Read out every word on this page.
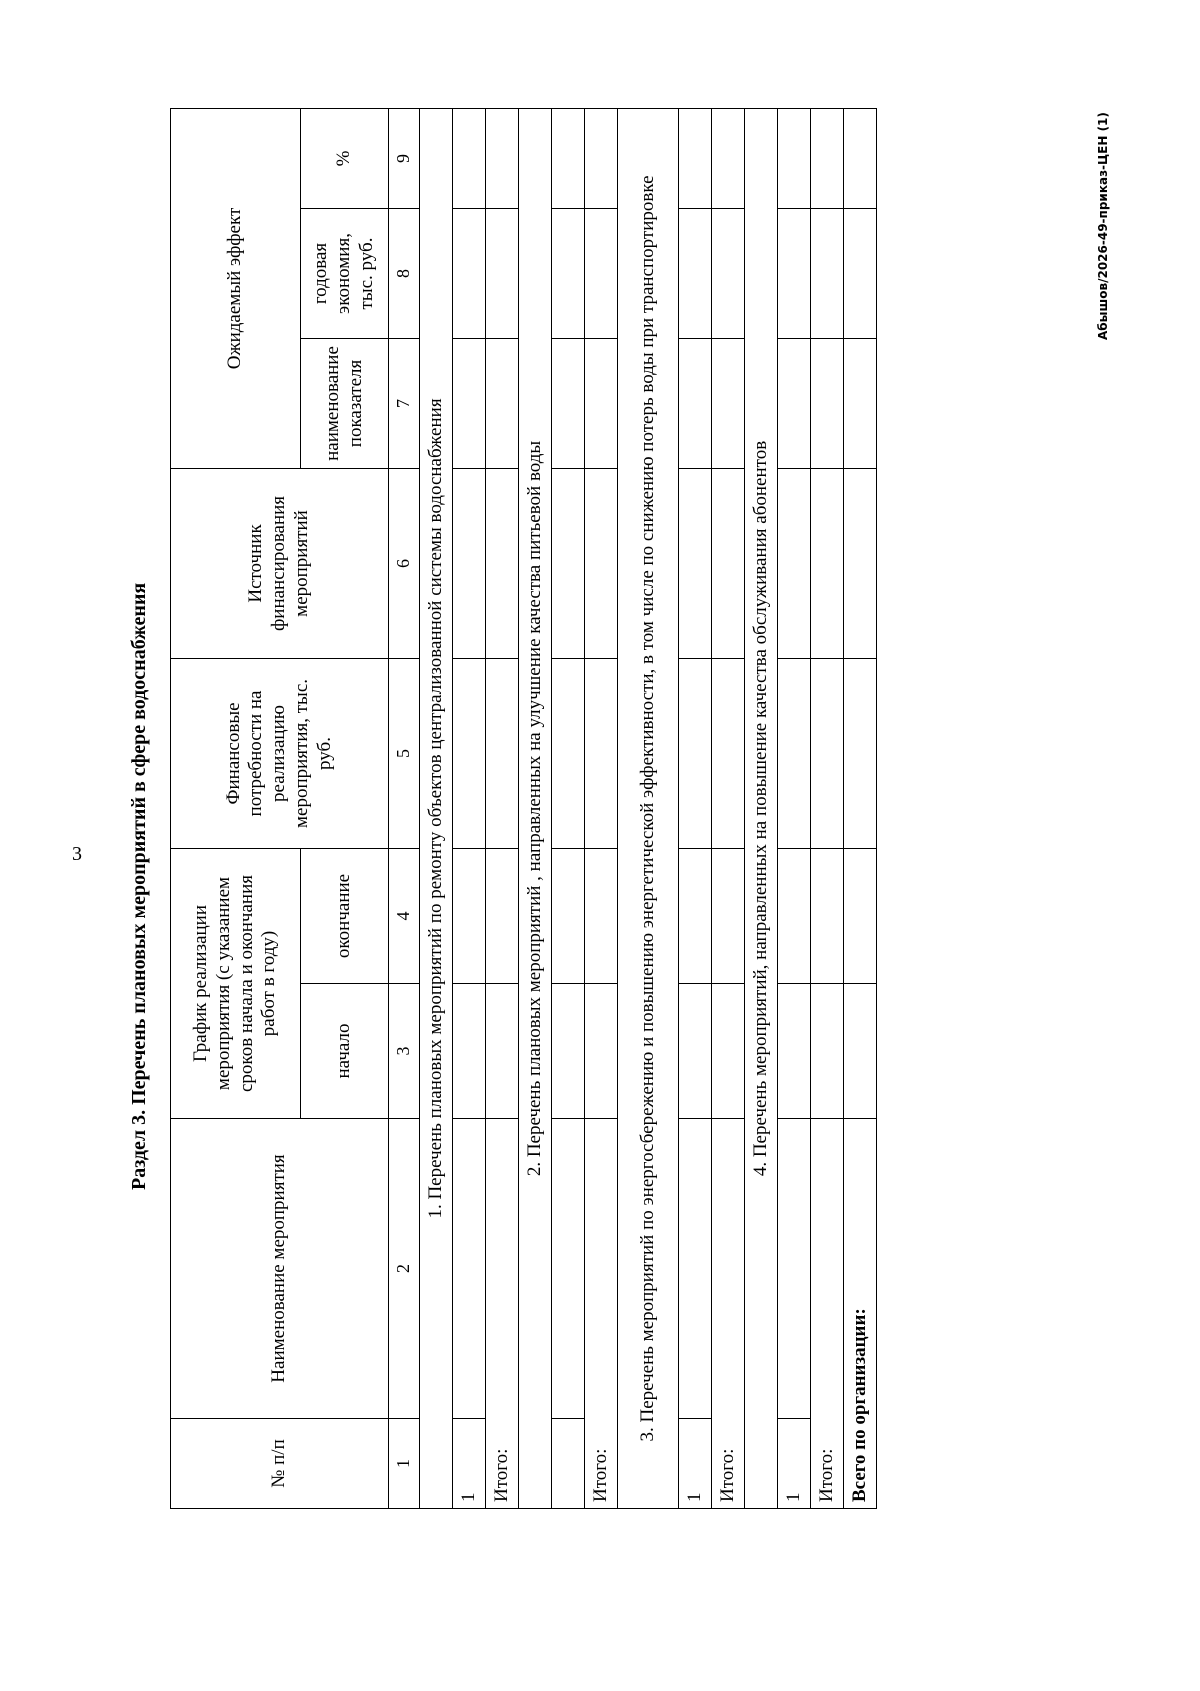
3
Абышов/2026-49-приказ-ЦЕН (1)
Раздел 3. Перечень плановых мероприятий в сфере водоснабжения
№ п/п	Наименование мероприятия	График реализации мероприятия (с указанием сроков начала и окончания работ в году)		Финансовые потребности на реализацию мероприятия, тыс. руб.	Источник финансирования мероприятий	Ожидаемый эффект		
		начало	окончание			наименование показателя	годовая экономия, тыс. руб.	%
1	2	3	4	5	6	7	8	9
1. Перечень плановых мероприятий по ремонту объектов централизованной системы водоснабжения								
1								
Итого:								
2. Перечень плановых мероприятий , направленных на улучшение качества питьевой воды								

Итого:								
3. Перечень мероприятий по энергосбережению и повышению энергетической эффективности, в том числе по снижению потерь воды при транспортировке								
1								
Итого:								
4. Перечень мероприятий, направленных на повышение качества обслуживания абонентов								
1								
Итого:								
Всего по организации:								
